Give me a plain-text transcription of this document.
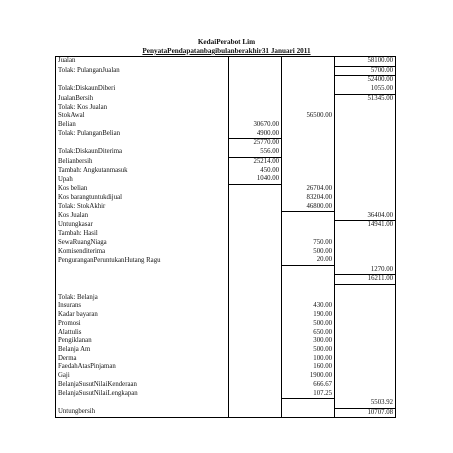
KedaiPerabot Lim
PenyataPendapatanbagibulanberakhir31 Januari 2011
Jualan			58100.00
Tolak: PulanganJualan			5700.00
			52400.00
Tolak:DiskaunDiberi			1055.00
JualanBersih			51345.00
Tolak: Kos Jualan			
StokAwal		56500.00	
Belian	30670.00		
Tolak: PulanganBelian	4900.00		
	25770.00		
Tolak:DiskaunDiterima	556.00		
Belianbersih	25214.00		
Tambah: Angkutanmasuk	450.00		
Upah	1040.00		
Kos belian		26704.00	
Kos barangtuntukdijual		83204.00	
Tolak: StokAkhir		46800.00	
Kos Jualan			36404.00
Untungkasar			14941.00
Tambah: Hasil			
SewaRuangNiaga		750.00	
Komisenditerima		500.00	
PenguranganPeruntukanHutang Ragu		20.00	
			1270.00
			16211.00

Tolak: Belanja			
Insurans		430.00	
Kadar bayaran		190.00	
Promosi		500.00	
Alattulis		650.00	
Pengiklanan		300.00	
Belanja Am		500.00	
Derma		100.00	
FaedahAtasPinjaman		160.00	
Gaji		1900.00	
BelanjaSusutNilaiKenderaan		666.67	
BelanjaSusutNilaiLengkapan		107.25	
			5503.92
Untungbersih			10707.08
